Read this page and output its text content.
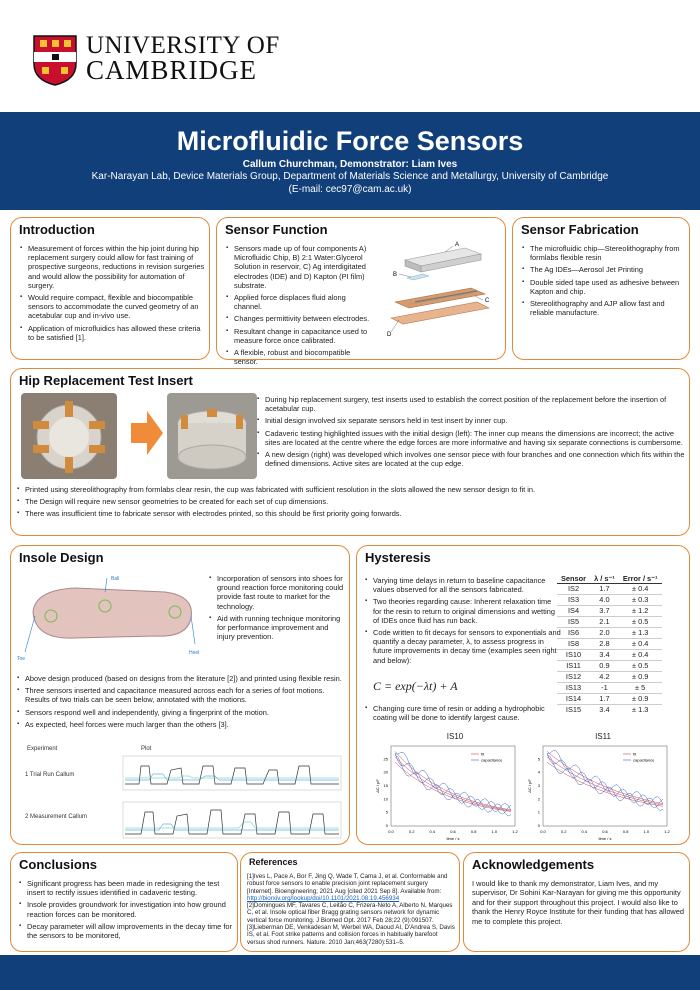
UNIVERSITY OF
CAMBRIDGE
Microfluidic Force Sensors
Callum Churchman, Demonstrator: Liam Ives
Kar-Narayan Lab, Device Materials Group, Department of Materials Science and Metallurgy, University of Cambridge
(E-mail: cec97@cam.ac.uk)
Introduction
▪ Measurement of forces within the hip joint during hip replacement surgery could allow for fast training of prospective surgeons, reductions in revision surgeries and would allow the possibility for automation of surgery.
▪ Would require compact, flexible and biocompatible sensors to accommodate the curved geometry of an acetabular cup and in-vivo use.
▪ Application of microfluidics has allowed these criteria to be satisfied [1].
Sensor Function
▪ Sensors made up of four components A) Microfluidic Chip, B) 2:1 Water:Glycerol Solution in reservoir, C) Ag interdigitated electrodes (IDE) and D) Kapton (PI film) substrate.
▪ Applied force displaces fluid along channel.
▪ Changes permittivity between electrodes.
▪ Resultant change in capacitance used to measure force once calibrated.
▪ A flexible, robust and biocompatible sensor.
A
B
C
D
Sensor Fabrication
▪ The microfluidic chip—Stereolithography from formlabs flexible resin
▪ The Ag IDEs—Aerosol Jet Printing
▪ Double sided tape used as adhesive between Kapton and chip.
▪ Stereolithography and AJP allow fast and reliable manufacture.
Hip Replacement Test Insert
▪ During hip replacement surgery, test inserts used to establish the correct position of the replacement before the insertion of acetabular cup.
▪ Initial design involved six separate sensors held in test insert by inner cup.
▪ Cadaveric testing highlighted issues with the initial design (left): The inner cup means the dimensions are incorrect; the active sites are located at the centre where the edge forces are more informative and having six separate connections is cumbersome.
▪ A new design (right) was developed which involves one sensor piece with four branches and one connection which fits within the defined dimensions. Active sites are located at the cup edge.
▪ Printed using stereolithography from formlabs clear resin, the cup was fabricated with sufficient resolution in the slots allowed the new sensor design to fit in.
▪ The Design will require new sensor geometries to be created for each set of cup dimensions.
▪ There was insufficient time to fabricate sensor with electrodes printed, so this should be first priority going forwards.
Insole Design
Ball
Toe
Heel
▪ Incorporation of sensors into shoes for ground reaction force monitoring could provide fast route to market for the technology.
▪ Aid with running technique monitoring for performance improvement and injury prevention.
▪ Above design produced (based on designs from the literature [2]) and printed using flexible resin.
▪ Three sensors inserted and capacitance measured across each for a series of foot motions. Results of two trials can be seen below, annotated with the motions.
▪ Sensors respond well and independently, giving a fingerprint of the motion.
▪ As expected, heel forces were much larger than the others [3].
Experiment	Plot
1 Trial Run Callum
2 Measurement Callum
Hysteresis
▪ Varying time delays in return to baseline capacitance values observed for all the sensors fabricated.
▪ Two theories regarding cause: Inherent relaxation time for the resin to return to original dimensions and wetting of IDEs once fluid has run back.
▪ Code written to fit decays for sensors to exponentials and quantify a decay parameter, λ, to assess progress in future improvements in decay time (examples seen right and below):
C = exp(−λt) + A
▪ Changing cure time of resin or adding a hydrophobic coating will be done to identify largest cause.
Sensor	λ / s⁻¹	Error / s⁻¹
IS2	1.7	± 0.4
IS3	4.0	± 0.3
IS4	3.7	± 1.2
IS5	2.1	± 0.5
IS6	2.0	± 1.3
IS8	2.8	± 0.4
IS10	3.4	± 0.4
IS11	0.9	± 0.5
IS12	4.2	± 0.9
IS13	-1	± 5
IS14	1.7	± 0.9
IS15	3.4	± 1.3
IS10	IS11
0.0	0.2	0.4	0.6	0.8	1.0	1.2
0
5
10
15
20
25
time / s
ΔC / pF
fit
capacitance
0.0	0.2	0.4	0.6	0.8	1.0	1.2
0
1
2
3
4
5
time / s
ΔC / pF
fit
capacitance
Conclusions
▪ Significant progress has been made in redesigning the test insert to rectify issues identified in cadaveric testing.
▪ Insole provides groundwork for investigation into how ground reaction forces can be monitored.
▪ Decay parameter will allow improvements in the decay time for the sensors to be monitored,
References
[1]Ives L, Pace A, Bor F, Jing Q, Wade T, Cama J, et al. Conformable and robust force sensors to enable precision joint replacement surgery [Internet]. Bioengineering; 2021 Aug [cited 2021 Sep 8]. Available from: http://biorxiv.org/lookup/doi/10.1101/2021.08.19.456934
[2]Domingues MF, Tavares C, Leitão C, Frizera-Neto A, Alberto N, Marques C, et al. Insole optical fiber Bragg grating sensors network for dynamic vertical force monitoring. J Biomed Opt. 2017 Feb 28;22 (9):091507.
[3]Lieberman DE, Venkadesan M, Werbel WA, Daoud AI, D'Andrea S, Davis IS, et al. Foot strike patterns and collision forces in habitually barefoot versus shod runners. Nature. 2010 Jan;463(7280):531–5.
Acknowledgements
I would like to thank my demonstrator, Liam Ives, and my supervisor, Dr Sohini Kar-Narayan for giving me this opportunity and for their support throughout this project. I would also like to thank the Henry Royce Institute for their funding that has allowed me to complete this project.
